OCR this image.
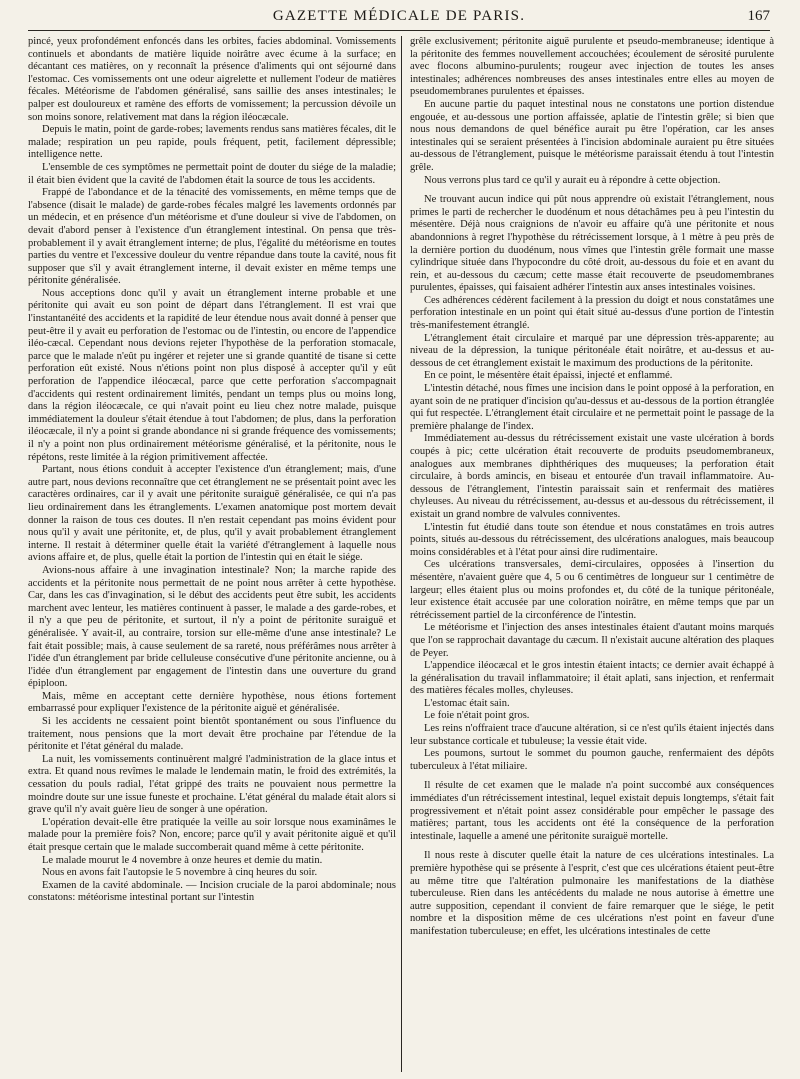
GAZETTE MÉDICALE DE PARIS.	167

pincé, yeux profondément enfoncés dans les orbites, facies abdominal. Vomissements continuels et abondants de matière liquide noirâtre avec écume à la surface; en décantant ces matières, on y reconnaît la présence d'aliments qui ont séjourné dans l'estomac. Ces vomissements ont une odeur aigrelette et nullement l'odeur de matières fécales. Météorisme de l'abdomen généralisé, sans saillie des anses intestinales; le palper est douloureux et ramène des efforts de vomissement; la percussion dévoile un son moins sonore, relativement mat dans la région iléocæcale.

Depuis le matin, point de garde-robes; lavements rendus sans matières fécales, dit le malade; respiration un peu rapide, pouls fréquent, petit, facilement dépressible; intelligence nette.

L'ensemble de ces symptômes ne permettait point de douter du siége de la maladie; il était bien évident que la cavité de l'abdomen était la source de tous les accidents.

Frappé de l'abondance et de la ténacité des vomissements, en même temps que de l'absence (disait le malade) de garde-robes fécales malgré les lavements ordonnés par un médecin, et en présence d'un météorisme et d'une douleur si vive de l'abdomen, on devait d'abord penser à l'existence d'un étranglement intestinal. On pensa que très-probablement il y avait étranglement interne; de plus, l'égalité du météorisme en toutes parties du ventre et l'excessive douleur du ventre répandue dans toute la cavité, nous fit supposer que s'il y avait étranglement interne, il devait exister en même temps une péritonite généralisée.

Nous acceptions donc qu'il y avait un étranglement interne probable et une péritonite qui avait eu son point de départ dans l'étranglement. Il est vrai que l'instantanéité des accidents et la rapidité de leur étendue nous avait donné à penser que peut-être il y avait eu perforation de l'estomac ou de l'intestin, ou encore de l'appendice iléo-cæcal. Cependant nous devions rejeter l'hypothèse de la perforation stomacale, parce que le malade n'eût pu ingérer et rejeter une si grande quantité de tisane si cette perforation eût existé. Nous n'étions point non plus disposé à accepter qu'il y eût perforation de l'appendice iléocæcal, parce que cette perforation s'accompagnait d'accidents qui restent ordinairement limités, pendant un temps plus ou moins long, dans la région iléocæcale, ce qui n'avait point eu lieu chez notre malade, puisque immédiatement la douleur s'était étendue à tout l'abdomen; de plus, dans la perforation iléocæcale, il n'y a point si grande abondance ni si grande fréquence des vomissements; il n'y a point non plus ordinairement météorisme généralisé, et la péritonite, nous le répétons, reste limitée à la région primitivement affectée.

Partant, nous étions conduit à accepter l'existence d'un étranglement; mais, d'une autre part, nous devions reconnaître que cet étranglement ne se présentait point avec les caractères ordinaires, car il y avait une péritonite suraiguë généralisée, ce qui n'a pas lieu ordinairement dans les étranglements. L'examen anatomique post mortem devait donner la raison de tous ces doutes. Il n'en restait cependant pas moins évident pour nous qu'il y avait une péritonite, et, de plus, qu'il y avait probablement étranglement interne. Il restait à déterminer quelle était la variété d'étranglement à laquelle nous avions affaire et, de plus, quelle était la portion de l'intestin qui en était le siége.

Avions-nous affaire à une invagination intestinale? Non; la marche rapide des accidents et la péritonite nous permettait de ne point nous arrêter à cette hypothèse. Car, dans les cas d'invagination, si le début des accidents peut être subit, les accidents marchent avec lenteur, les matières continuent à passer, le malade a des garde-robes, et il n'y a que peu de péritonite, et surtout, il n'y a point de péritonite suraiguë et généralisée. Y avait-il, au contraire, torsion sur elle-même d'une anse intestinale? Le fait était possible; mais, à cause seulement de sa rareté, nous préférâmes nous arrêter à l'idée d'un étranglement par bride celluleuse consécutive d'une péritonite ancienne, ou à l'idée d'un étranglement par engagement de l'intestin dans une ouverture du grand épiploon.

Mais, même en acceptant cette dernière hypothèse, nous étions fortement embarrassé pour expliquer l'existence de la péritonite aiguë et généralisée.

Si les accidents ne cessaient point bientôt spontanément ou sous l'influence du traitement, nous pensions que la mort devait être prochaine par l'étendue de la péritonite et l'état général du malade.

La nuit, les vomissements continuèrent malgré l'administration de la glace intus et extra. Et quand nous revîmes le malade le lendemain matin, le froid des extrémités, la cessation du pouls radial, l'état grippé des traits ne pouvaient nous permettre la moindre doute sur une issue funeste et prochaine. L'état général du malade était alors si grave qu'il n'y avait guère lieu de songer à une opération.

L'opération devait-elle être pratiquée la veille au soir lorsque nous examinâmes le malade pour la première fois? Non, encore; parce qu'il y avait péritonite aiguë et qu'il était presque certain que le malade succomberait quand même à cette péritonite.

Le malade mourut le 4 novembre à onze heures et demie du matin.

Nous en avons fait l'autopsie le 5 novembre à cinq heures du soir.

Examen de la cavité abdominale. — Incision cruciale de la paroi abdominale; nous constatons: météorisme intestinal portant sur l'intestin

grêle exclusivement; péritonite aiguë purulente et pseudo-membraneuse; identique à la péritonite des femmes nouvellement accouchées; écoulement de sérosité purulente avec flocons albumino-purulents; rougeur avec injection de toutes les anses intestinales; adhérences nombreuses des anses intestinales entre elles au moyen de pseudomembranes purulentes et épaisses.

En aucune partie du paquet intestinal nous ne constatons une portion distendue engouée, et au-dessous une portion affaissée, aplatie de l'intestin grêle; si bien que nous nous demandons de quel bénéfice aurait pu être l'opération, car les anses intestinales qui se seraient présentées à l'incision abdominale auraient pu être situées au-dessous de l'étranglement, puisque le météorisme paraissait étendu à tout l'intestin grêle.

Nous verrons plus tard ce qu'il y aurait eu à répondre à cette objection.

Ne trouvant aucun indice qui pût nous apprendre où existait l'étranglement, nous primes le parti de rechercher le duodénum et nous détachâmes peu à peu l'intestin du mésentère. Déjà nous craignions de n'avoir eu affaire qu'à une péritonite et nous abandonnions à regret l'hypothèse du rétrécissement lorsque, à 1 mètre à peu près de la dernière portion du duodénum, nous vîmes que l'intestin grêle formait une masse cylindrique située dans l'hypocondre du côté droit, au-dessous du foie et en avant du rein, et au-dessous du cæcum; cette masse était recouverte de pseudomembranes purulentes, épaisses, qui faisaient adhérer l'intestin aux anses intestinales voisines.

Ces adhérences cédèrent facilement à la pression du doigt et nous constatâmes une perforation intestinale en un point qui était situé au-dessus d'une portion de l'intestin très-manifestement étranglé.

L'étranglement était circulaire et marqué par une dépression très-apparente; au niveau de la dépression, la tunique péritonéale était noirâtre, et au-dessus et au-dessous de cet étranglement existait le maximum des productions de la péritonite.

En ce point, le mésentère était épaissi, injecté et enflammé.

L'intestin détaché, nous fîmes une incision dans le point opposé à la perforation, en ayant soin de ne pratiquer d'incision qu'au-dessus et au-dessous de la portion étranglée qui fut respectée. L'étranglement était circulaire et ne permettait point le passage de la première phalange de l'index.

Immédiatement au-dessus du rétrécissement existait une vaste ulcération à bords coupés à pic; cette ulcération était recouverte de produits pseudomembraneux, analogues aux membranes diphthériques des muqueuses; la perforation était circulaire, à bords amincis, en biseau et entourée d'un travail inflammatoire. Au-dessous de l'étranglement, l'intestin paraissait sain et renfermait des matières chyleuses. Au niveau du rétrécissement, au-dessus et au-dessous du rétrécissement, il existait un grand nombre de valvules conniventes.

L'intestin fut étudié dans toute son étendue et nous constatâmes en trois autres points, situés au-dessous du rétrécissement, des ulcérations analogues, mais beaucoup moins considérables et à l'état pour ainsi dire rudimentaire.

Ces ulcérations transversales, demi-circulaires, opposées à l'insertion du mésentère, n'avaient guère que 4, 5 ou 6 centimètres de longueur sur 1 centimètre de largeur; elles étaient plus ou moins profondes et, du côté de la tunique péritonéale, leur existence était accusée par une coloration noirâtre, en même temps que par un rétrécissement partiel de la circonférence de l'intestin.

Le météorisme et l'injection des anses intestinales étaient d'autant moins marqués que l'on se rapprochait davantage du cæcum. Il n'existait aucune altération des plaques de Peyer.

L'appendice iléocæcal et le gros intestin étaient intacts; ce dernier avait échappé à la généralisation du travail inflammatoire; il était aplati, sans injection, et renfermait des matières fécales molles, chyleuses.

L'estomac était sain.

Le foie n'était point gros.

Les reins n'offraient trace d'aucune altération, si ce n'est qu'ils étaient injectés dans leur substance corticale et tubuleuse; la vessie était vide.

Les poumons, surtout le sommet du poumon gauche, renfermaient des dépôts tuberculeux à l'état miliaire.

Il résulte de cet examen que le malade n'a point succombé aux conséquences immédiates d'un rétrécissement intestinal, lequel existait depuis longtemps, s'était fait progressivement et n'était point assez considérable pour empêcher le passage des matières; partant, tous les accidents ont été la conséquence de la perforation intestinale, laquelle a amené une péritonite suraiguë mortelle.

Il nous reste à discuter quelle était la nature de ces ulcérations intestinales. La première hypothèse qui se présente à l'esprit, c'est que ces ulcérations étaient peut-être au même titre que l'altération pulmonaire les manifestations de la diathèse tuberculeuse. Rien dans les antécédents du malade ne nous autorise à émettre une autre supposition, cependant il convient de faire remarquer que le siége, le petit nombre et la disposition même de ces ulcérations n'est point en faveur d'une manifestation tuberculeuse; en effet, les ulcérations intestinales de cette
